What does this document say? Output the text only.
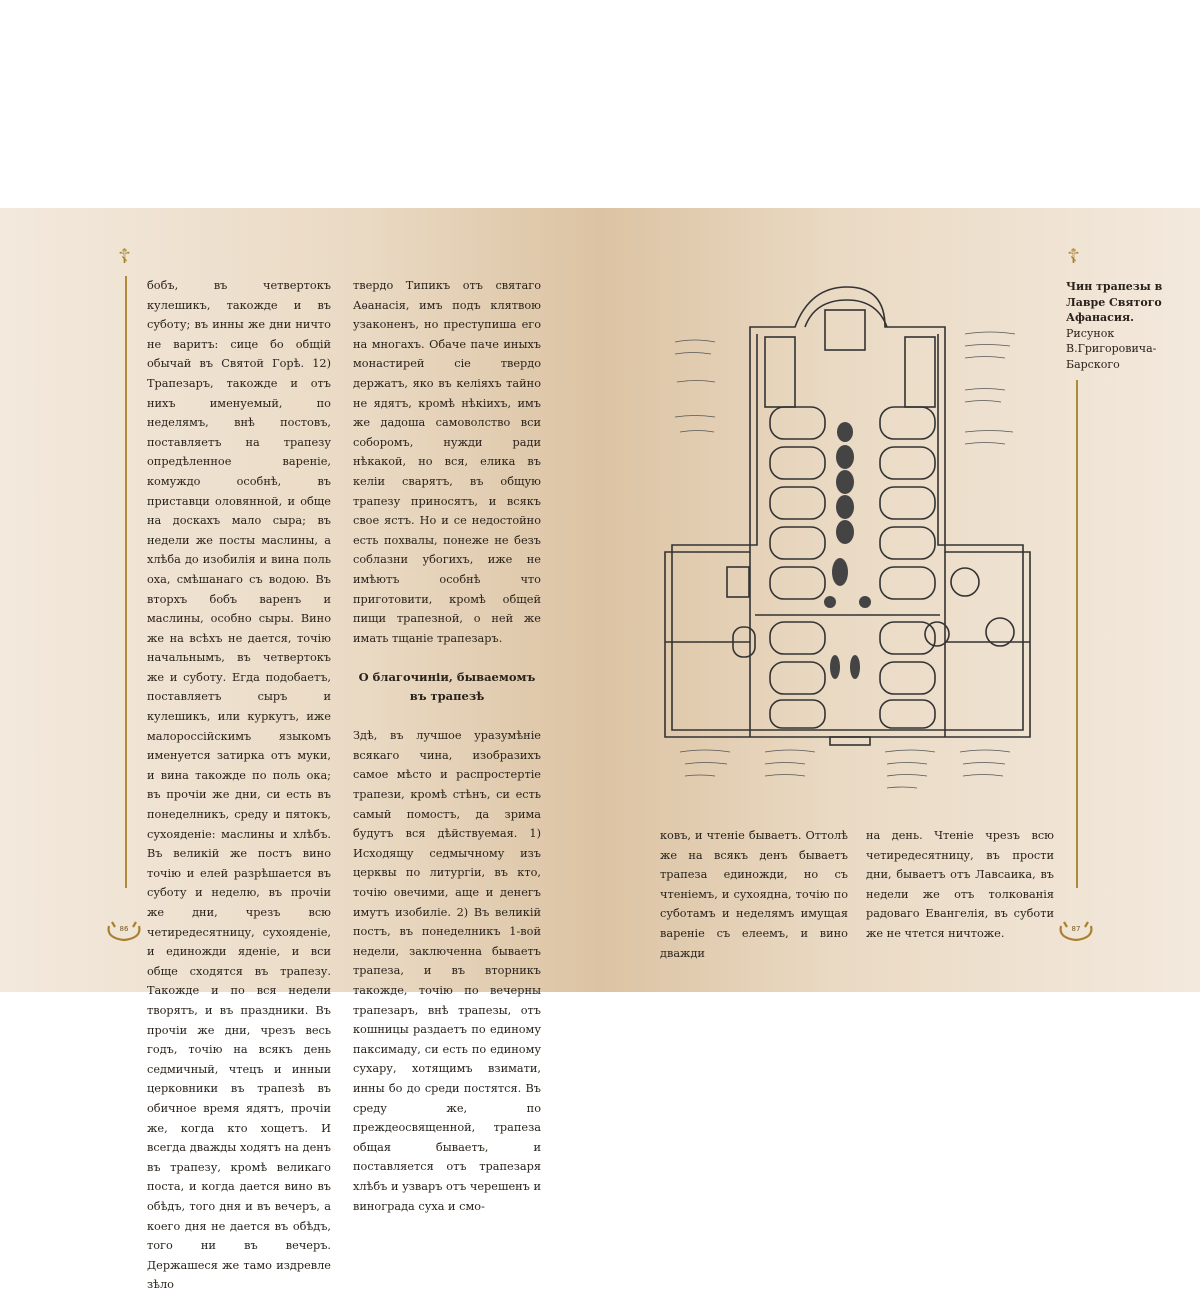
☦	☦

бобъ, въ четвертокъ кулешикъ, такожде и въ суботу; въ инны же дни ничто не варитъ: сице бо общій обычай въ Святой Горѣ. 12) Трапезаръ, такожде и отъ нихъ именуемый, по неделямъ, внѣ постовъ, поставляетъ на трапезу опредѣленное вареніе, комуждо особнѣ, въ приставци оловянной, и обще на доскахъ мало сыра; въ недели же посты маслины, а хлѣба до изобилія и вина поль оха, смѣшанаго съ водою. Въ вторхъ бобъ варенъ и маслины, особно сыры. Вино же на всѣхъ не дается, точію начальнымъ, въ четвертокъ же и суботу. Егда подобаетъ, поставляетъ сыръ и кулешикъ, или куркутъ, иже малороссійскимъ языкомъ именуется затирка отъ муки, и вина такожде по поль ока; въ прочіи же дни, си есть въ понеделникъ, среду и пятокъ, сухояденіе: маслины и хлѣбъ. Въ великій же постъ вино точію и елей разрѣшается въ суботу и неделю, въ прочіи же дни, чрезъ всю четиредесятницу, сухояденіе, и единожди яденіе, и вси обще сходятся въ трапезу. Такожде и по вся недели творятъ, и въ праздники. Въ прочіи же дни, чрезъ весь годъ, точію на всякъ день седмичный, чтецъ и инныи церковники въ трапезѣ въ обичное время ядятъ, прочіи же, когда кто хощетъ. И всегда дважды ходятъ на денъ въ трапезу, кромѣ великаго поста, и когда дается вино въ обѣдъ, того дня и въ вечеръ, а коего дня не дается въ обѣдъ, того ни въ вечеръ. Держашеся же тамо издревле зѣло

твердо Типикъ отъ святаго Аѳанасія, имъ подъ клятвою узаконенъ, но преступиша его на многахъ. Обаче паче иныхъ монастирей сіе твердо держатъ, яко въ келіяхъ тайно не ядятъ, кромѣ нѣкіихъ, имъ же дадоша самоволство вси соборомъ, нужди ради нѣкакой, но вся, елика въ келіи сварятъ, въ общую трапезу приносятъ, и всякъ свое ястъ. Но и се недостойно есть похвалы, понеже не безъ соблазни убогихъ, иже не имѣютъ особнѣ что приготовити, кромѣ общей пищи трапезной, о ней же имать тщаніе трапезаръ.

О благочиніи, бываемомъ въ трапезѣ

Здѣ, въ лучшое уразумѣніе всякаго чина, изобразихъ самое мѣсто и распростертіе трапези, кромѣ стѣнъ, си есть самый помостъ, да зрима будутъ вся дѣйствуемая. 1) Исходящу седмычному изъ церквы по литургіи, въ кто, точію овечими, аще и денегъ имутъ изобиліе. 2) Въ великій постъ, въ понеделникъ 1-вой недели, заключенна бываетъ трапеза, и въ вторникъ такожде, точію по вечерны трапезаръ, внѣ трапезы, отъ кошницы раздаетъ по единому паксимаду, си есть по единому сухару, хотящимъ взимати, инны бо до среди постятся. Въ среду же, по преждеосвященной, трапеза общая бываетъ, и поставляется отъ трапезаря хлѣбъ и узваръ отъ черешенъ и винограда суха и смо-

Чин трапезы в Лавре Святого Афанасия.
Рисунок В.Григоровича-Барского

ковъ, и чтеніе бываетъ. Оттолѣ же на всякъ денъ бываетъ трапеза единожди, но съ чтеніемъ, и сухоядна, точію по суботамъ и неделямъ имущая вареніе съ елеемъ, и вино дважди

на день. Чтеніе чрезъ всю четиредесятницу, въ прости дни, бываетъ отъ Лавсаика, въ недели же отъ толкованія радоваго Евангелія, въ суботи же не чтется ничтоже.

86	87
